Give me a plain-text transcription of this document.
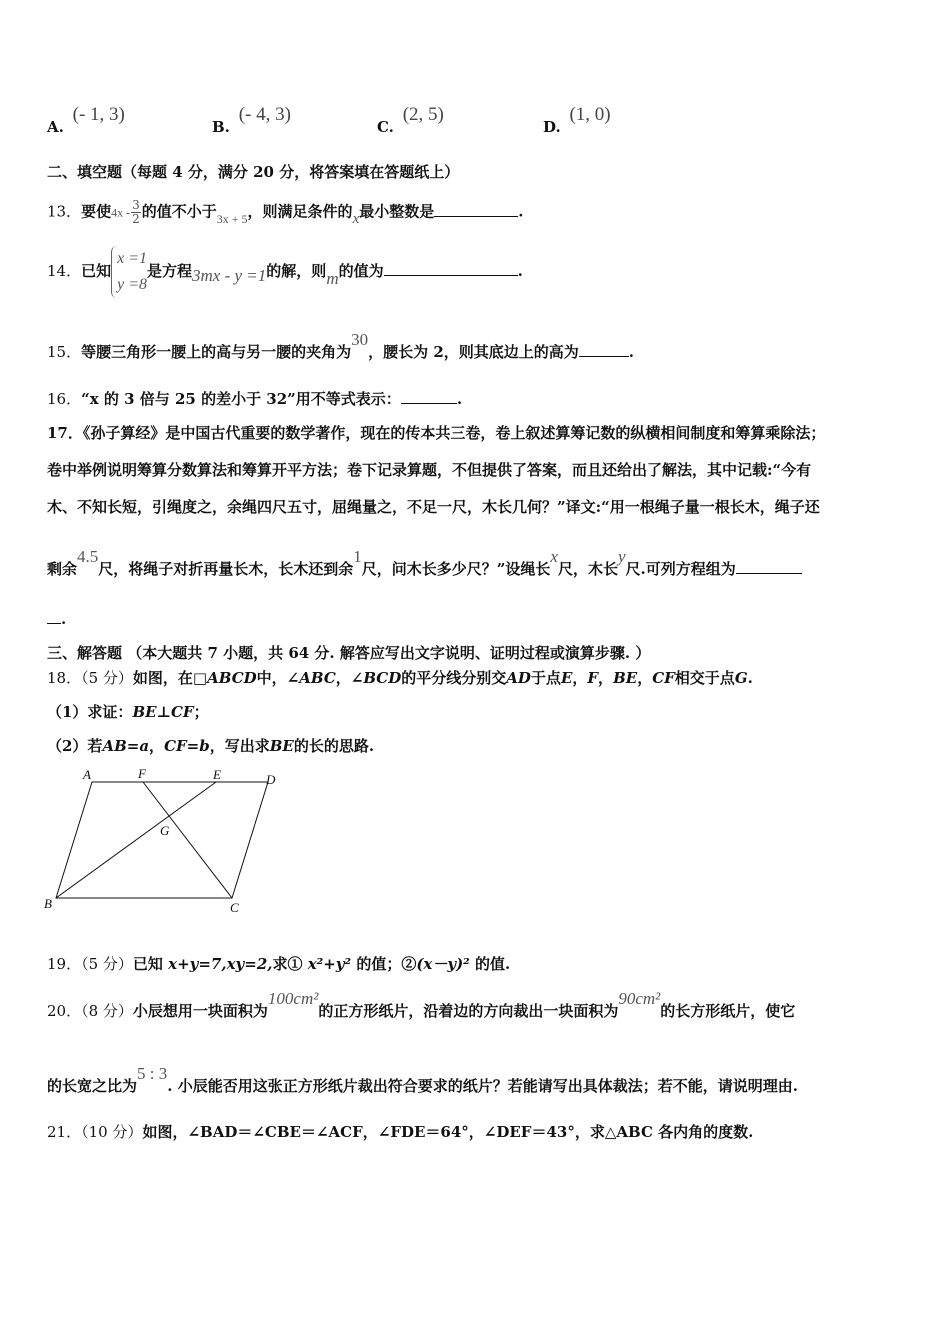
A. (- 1, 3)
B. (- 4, 3)
C. (2, 5)
D. (1, 0)
二、填空题（每题 4 分，满分 20 分，将答案填在答题纸上）
13．要使$4x - \frac{3}{2}$ 的值不小于$_{3x + 5}$，则满足条件的x最小整数是	.
14．已知
x =1
y =8
是方程3mx - y =1的解，则m的值为	.
15．等腰三角形一腰上的高与另一腰的夹角为30，腰长为 2，则其底边上的高为	.
16．“x 的 3 倍与 25 的差小于 32”用不等式表示：	.
17．《孙子算经》是中国古代重要的数学著作，现在的传本共三卷，卷上叙述算筹记数的纵横相间制度和筹算乘除法；
卷中举例说明筹算分数算法和筹算开平方法；卷下记录算题，不但提供了答案，而且还给出了解法，其中记载:“今有
木、不知长短，引绳度之，余绳四尺五寸，屈绳量之，不足一尺，木长几何？”译文:“用一根绳子量一根长木，绳子还
剩余4.5尺，将绳子对折再量长木，长木还到余1尺，问木长多少尺？”设绳长x尺，木长y尺.可列方程组为
.
三、解答题 （本大题共 7 小题，共 64 分. 解答应写出文字说明、证明过程或演算步骤. ）
18．（5 分）如图，在□ABCD中，∠ABC，∠BCD的平分线分别交AD于点E，F，BE，CF相交于点G.
（1）求证：BE⊥CF；
（2）若AB=a，CF=b，写出求BE的长的思路.
A	F	E	D
G
B	C
19．（5 分）已知 x+y=7,xy=2,求① x²+y² 的值；②(x－y)² 的值.
20．（8 分）小辰想用一块面积为100cm²的正方形纸片，沿着边的方向裁出一块面积为90cm²的长方形纸片，使它
的长宽之比为5 : 3. 小辰能否用这张正方形纸片裁出符合要求的纸片？若能请写出具体裁法；若不能，请说明理由.
21．（10 分）如图，∠BAD＝∠CBE＝∠ACF，∠FDE＝64°，∠DEF＝43°，求△ABC 各内角的度数.
